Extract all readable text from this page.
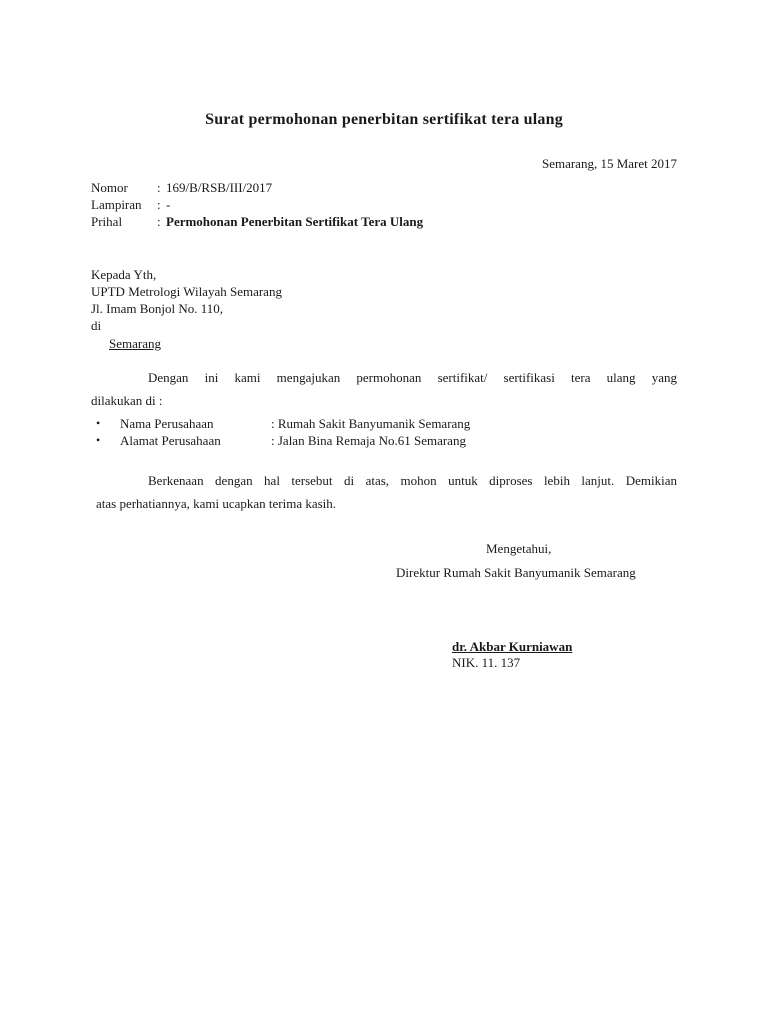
Surat permohonan penerbitan sertifikat tera ulang
Semarang, 15 Maret 2017
Nomor : 169/B/RSB/III/2017
Lampiran : -
Prihal	: Permohonan Penerbitan Sertifikat Tera Ulang
Kepada Yth,
UPTD Metrologi Wilayah Semarang
Jl. Imam Bonjol No. 110,
di
Semarang
Dengan ini kami mengajukan permohonan sertifikat/ sertifikasi tera ulang yang
dilakukan di :
• Nama Perusahaan	: Rumah Sakit Banyumanik Semarang
• Alamat Perusahaan	: Jalan Bina Remaja No.61 Semarang
Berkenaan dengan hal tersebut di atas, mohon untuk diproses lebih lanjut. Demikian
atas perhatiannya, kami ucapkan terima kasih.
Mengetahui,
Direktur Rumah Sakit Banyumanik Semarang
dr. Akbar Kurniawan
NIK. 11. 137
